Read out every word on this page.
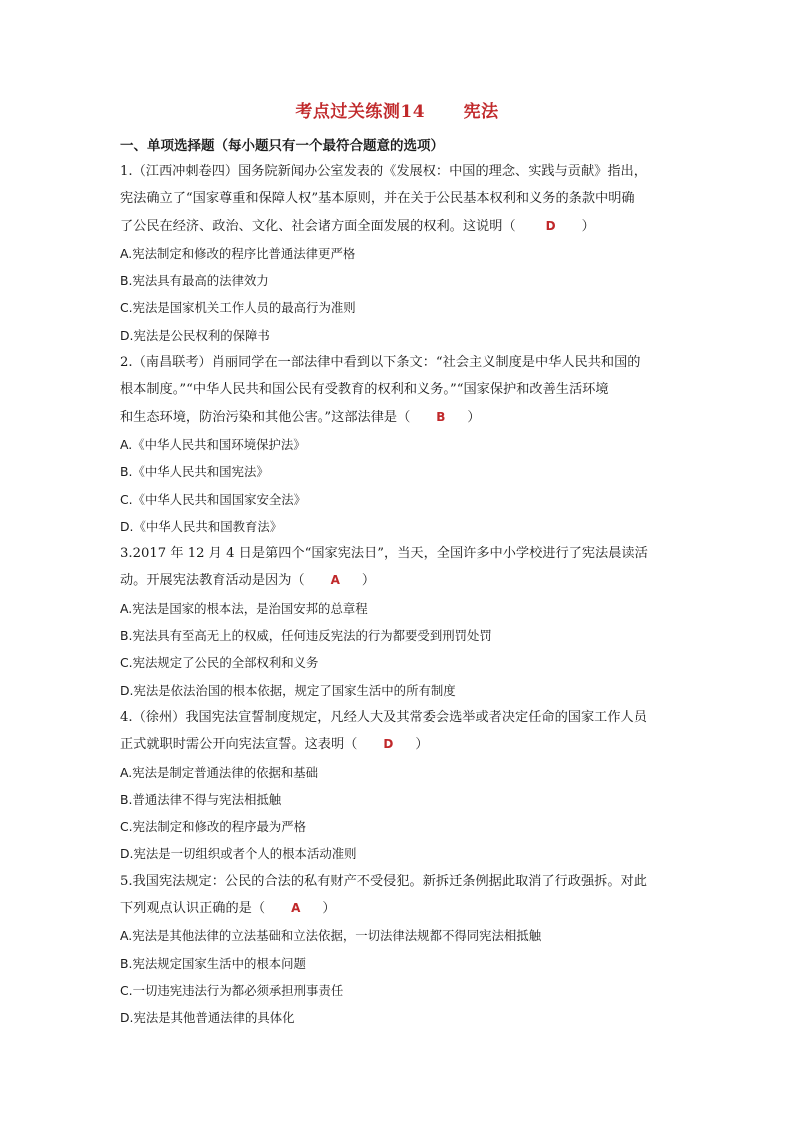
考点过关练测14      宪法
一、单项选择题（每小题只有一个最符合题意的选项）
1.（江西冲刺卷四）国务院新闻办公室发表的《发展权：中国的理念、实践与贡献》指出，
宪法确立了“国家尊重和保障人权”基本原则，并在关于公民基本权利和义务的条款中明确
了公民在经济、政治、文化、社会诸方面全面发展的权利。这说明（	D ）
A.宪法制定和修改的程序比普通法律更严格
B.宪法具有最高的法律效力
C.宪法是国家机关工作人员的最高行为准则
D.宪法是公民权利的保障书
2.（南昌联考）肖丽同学在一部法律中看到以下条文：“社会主义制度是中华人民共和国的
根本制度。”“中华人民共和国公民有受教育的权利和义务。”“国家保护和改善生活环境
和生态环境，防治污染和其他公害。”这部法律是（ B ）
A.《中华人民共和国环境保护法》
B.《中华人民共和国宪法》
C.《中华人民共和国国家安全法》
D.《中华人民共和国教育法》
3.2017 年 12 月 4 日是第四个“国家宪法日”，当天，全国许多中小学校进行了宪法晨读活
动。开展宪法教育活动是因为（ A ）
A.宪法是国家的根本法，是治国安邦的总章程
B.宪法具有至高无上的权威，任何违反宪法的行为都要受到刑罚处罚
C.宪法规定了公民的全部权利和义务
D.宪法是依法治国的根本依据，规定了国家生活中的所有制度
4.（徐州）我国宪法宣誓制度规定，凡经人大及其常委会选举或者决定任命的国家工作人员
正式就职时需公开向宪法宣誓。这表明（ D ）
A.宪法是制定普通法律的依据和基础
B.普通法律不得与宪法相抵触
C.宪法制定和修改的程序最为严格
D.宪法是一切组织或者个人的根本活动准则
5.我国宪法规定：公民的合法的私有财产不受侵犯。新拆迁条例据此取消了行政强拆。对此
下列观点认识正确的是（ A ）
A.宪法是其他法律的立法基础和立法依据，一切法律法规都不得同宪法相抵触
B.宪法规定国家生活中的根本问题
C.一切违宪违法行为都必须承担刑事责任
D.宪法是其他普通法律的具体化
